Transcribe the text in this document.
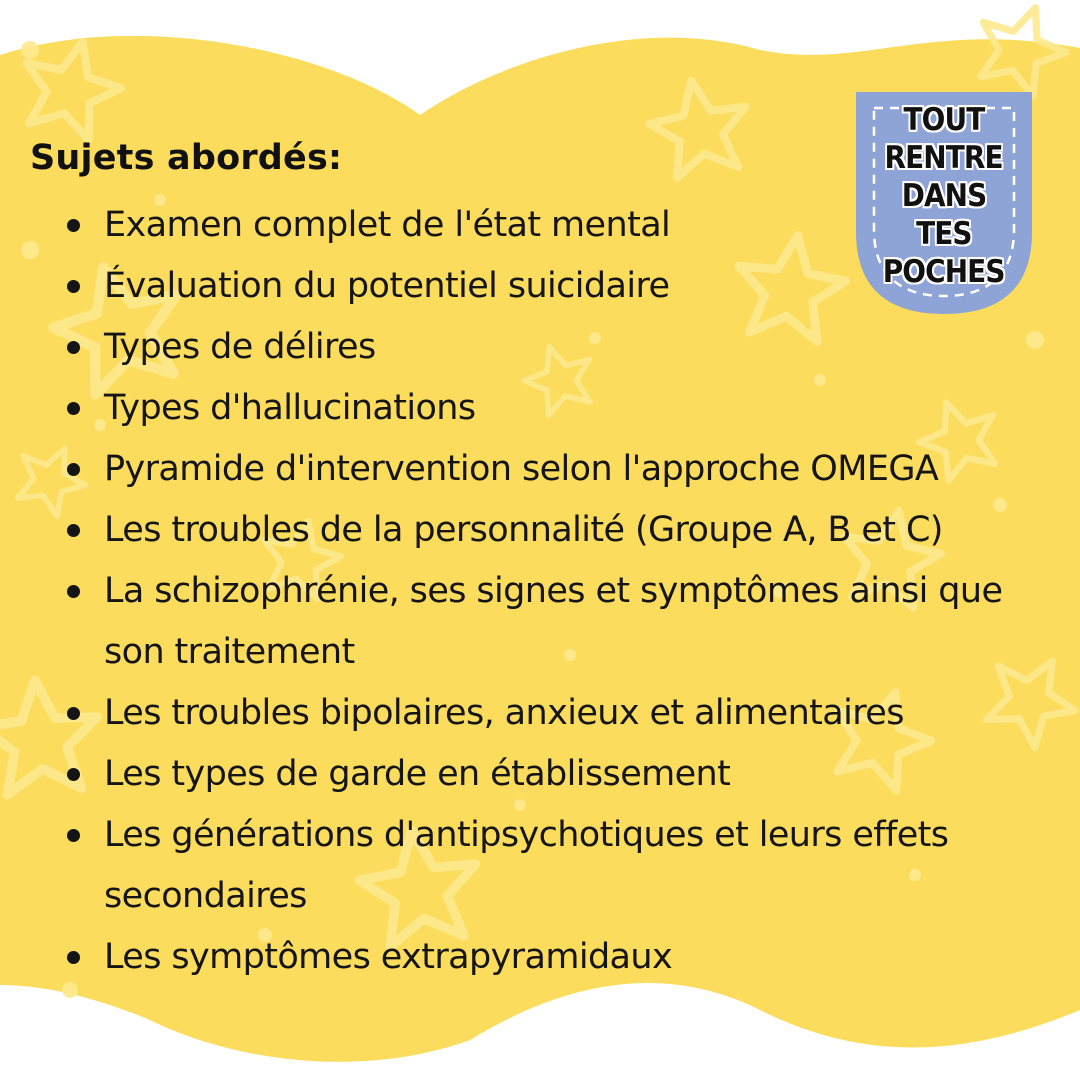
Sujets abordés:
Examen complet de l'état mental
Évaluation du potentiel suicidaire
Types de délires
Types d'hallucinations
Pyramide d'intervention selon l'approche OMEGA
Les troubles de la personnalité (Groupe A, B et C)
La schizophrénie, ses signes et symptômes ainsi que son traitement
Les troubles bipolaires, anxieux et alimentaires
Les types de garde en établissement
Les générations d'antipsychotiques et leurs effets secondaires
Les symptômes extrapyramidaux
TOUT
RENTRE
DANS
TES
POCHES
